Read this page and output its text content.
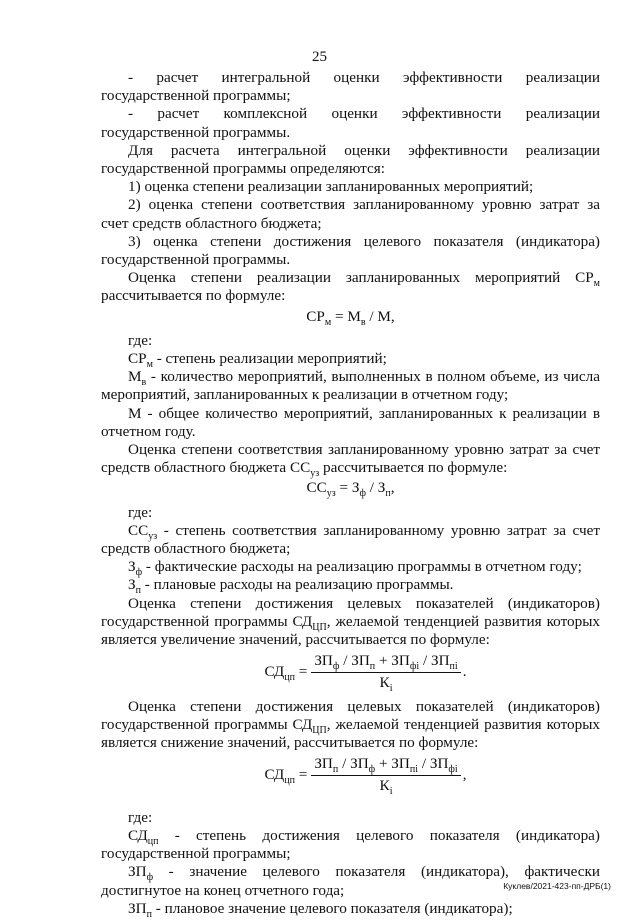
25

- расчет интегральной оценки эффективности реализации государственной программы;

- расчет комплексной оценки эффективности реализации государственной программы.

Для расчета интегральной оценки эффективности реализации государственной программы определяются:

1) оценка степени реализации запланированных мероприятий;

2) оценка степени соответствия запланированному уровню затрат за счет средств областного бюджета;

3) оценка степени достижения целевого показателя (индикатора) государственной программы.

Оценка степени реализации запланированных мероприятий $СР_м$ рассчитывается по формуле:

$СР_м = М_в / М$,

где:

$СР_м$ - степень реализации мероприятий;

$М_в$ - количество мероприятий, выполненных в полном объеме, из числа мероприятий, запланированных к реализации в отчетном году;

М - общее количество мероприятий, запланированных к реализации в отчетном году.

Оценка степени соответствия запланированному уровню затрат за счет средств областного бюджета $СС_{уз}$ рассчитывается по формуле:

$СС_{уз} = З_ф / З_п$,

где:

$СС_{уз}$ - степень соответствия запланированному уровню затрат за счет средств областного бюджета;

$З_ф$ - фактические расходы на реализацию программы в отчетном году;

$З_п$ - плановые расходы на реализацию программы.

Оценка степени достижения целевых показателей (индикаторов) государственной программы $СД_{ЦП}$, желаемой тенденцией развития которых является увеличение значений, рассчитывается по формуле:

$СД_{цп} = \frac{ЗП_ф / ЗП_п + ЗП_{фi} / ЗП_{пi}}{К_i}$ .

Оценка степени достижения целевых показателей (индикаторов) государственной программы $СД_{ЦП}$, желаемой тенденцией развития которых является снижение значений, рассчитывается по формуле:

$СД_{цп} = \frac{ЗП_п / ЗП_ф + ЗП_{пi} / ЗП_{фi}}{К_i}$ ,

где:

$СД_{цп}$ - степень достижения целевого показателя (индикатора) государственной программы;

$ЗП_ф$ - значение целевого показателя (индикатора), фактически достигнутое на конец отчетного года;

$ЗП_п$ - плановое значение целевого показателя (индикатора);

Куклев/2021-423-пп-ДРБ(1)
